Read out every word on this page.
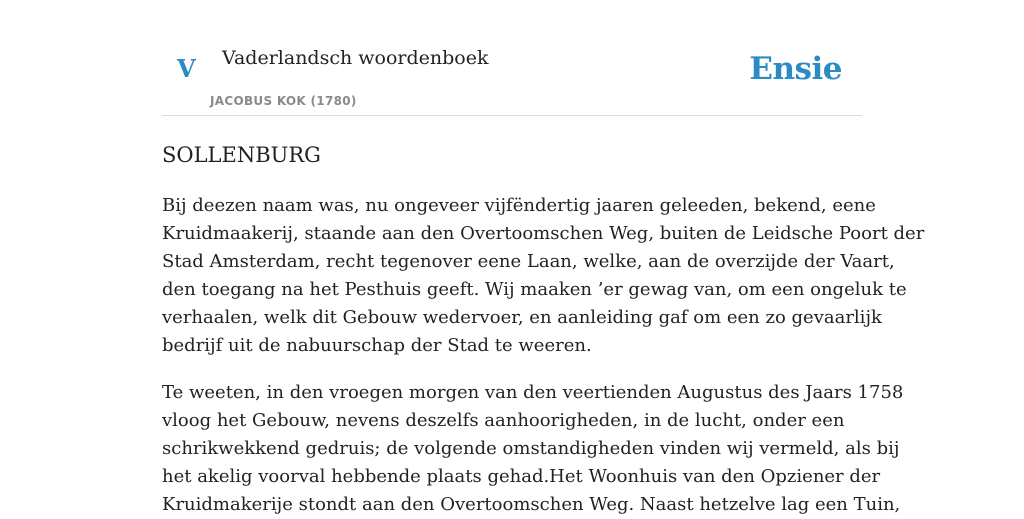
V Vaderlandsch woordenboek
JACOBUS KOK (1780)
Ensie
SOLLENBURG

Bij deezen naam was, nu ongeveer vijfëndertig jaaren geleeden, bekend, eene
Kruidmaakerij, staande aan den Overtoomschen Weg, buiten de Leidsche Poort der
Stad Amsterdam, recht tegenover eene Laan, welke, aan de overzijde der Vaart,
den toegang na het Pesthuis geeft. Wij maaken ’er gewag van, om een ongeluk te
verhaalen, welk dit Gebouw wedervoer, en aanleiding gaf om een zo gevaarlijk
bedrijf uit de nabuurschap der Stad te weeren.

Te weeten, in den vroegen morgen van den veertienden Augustus des Jaars 1758
vloog het Gebouw, nevens deszelfs aanhoorigheden, in de lucht, onder een
schrikwekkend gedruis; de volgende omstandigheden vinden wij vermeld, als bij
het akelig voorval hebbende plaats gehad.Het Woonhuis van den Opziener der
Kruidmakerije stondt aan den Overtoomschen Weg. Naast hetzelve lag een Tuin,
